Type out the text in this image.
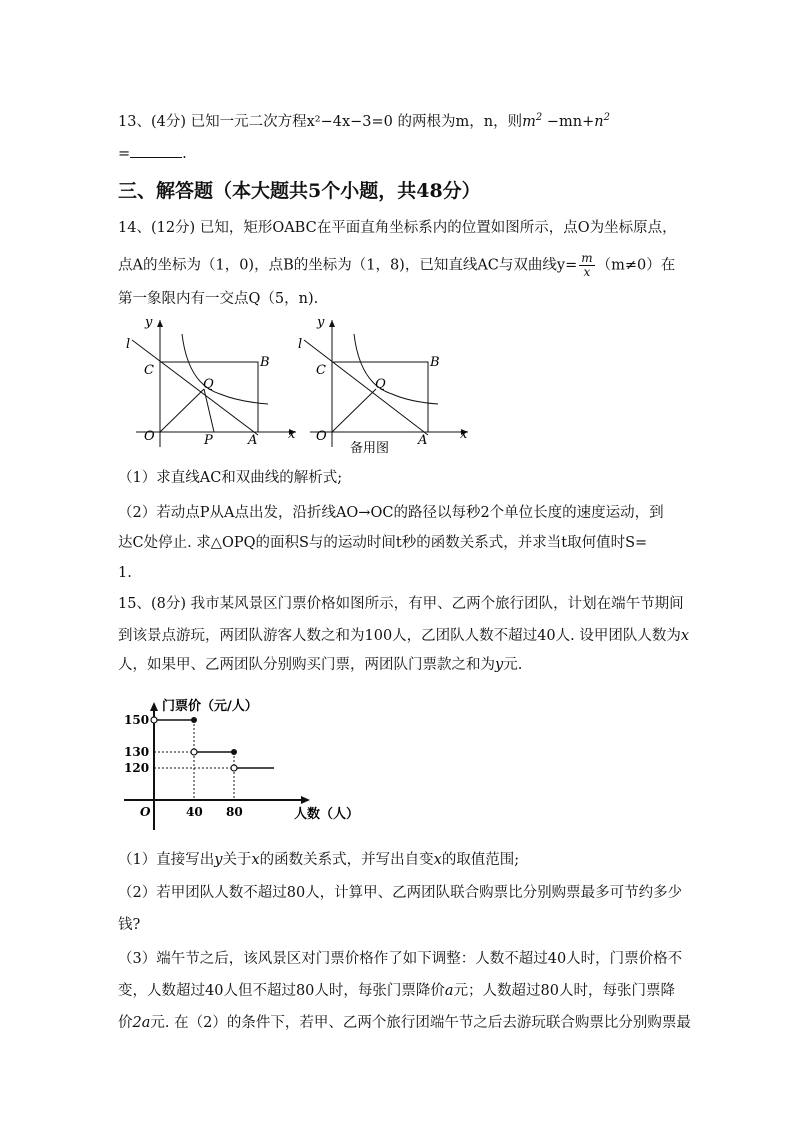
13、(4分) 已知一元二次方程x²−4x−3=0 的两根为m，n，则$m^2 -mn+n^2$
=	.
三、解答题（本大题共5个小题，共48分）
14、(12分) 已知，矩形OABC在平面直角坐标系内的位置如图所示，点O为坐标原点，
点A的坐标为（1，0)，点B的坐标为（1，8)，已知直线AC与双曲线$y= \frac{m}{x} (m\ne 0)$在
第一象限内有一交点Q（5，n).
y
l
C
B
Q
O	P	A x
y
l
C
B
Q
O	A	x
备用图
（1）求直线AC和双曲线的解析式;
（2）若动点P从A点出发，沿折线AO→OC的路径以每秒2个单位长度的速度运动，到
达C处停止. 求△OPQ的面积S与的运动时间t秒的函数关系式，并求当t取何值时S=
1.
15、(8分) 我市某风景区门票价格如图所示，有甲、乙两个旅行团队，计划在端午节期间
到该景点游玩，两团队游客人数之和为100人，乙团队人数不超过40人. 设甲团队人数为x
人，如果甲、乙两团队分别购买门票，两团队门票款之和为y元.
门票价（元/人）
人数（人）
O
150
130
120
40 80
（1）直接写出y关于x的函数关系式，并写出自变x的取值范围;
（2）若甲团队人数不超过80人，计算甲、乙两团队联合购票比分别购票最多可节约多少
钱?
（3）端午节之后，该风景区对门票价格作了如下调整：人数不超过40人时，门票价格不
变，人数超过40人但不超过80人时，每张门票降价a元；人数超过80人时，每张门票降
价2a元. 在（2）的条件下，若甲、乙两个旅行团端午节之后去游玩联合购票比分别购票最
